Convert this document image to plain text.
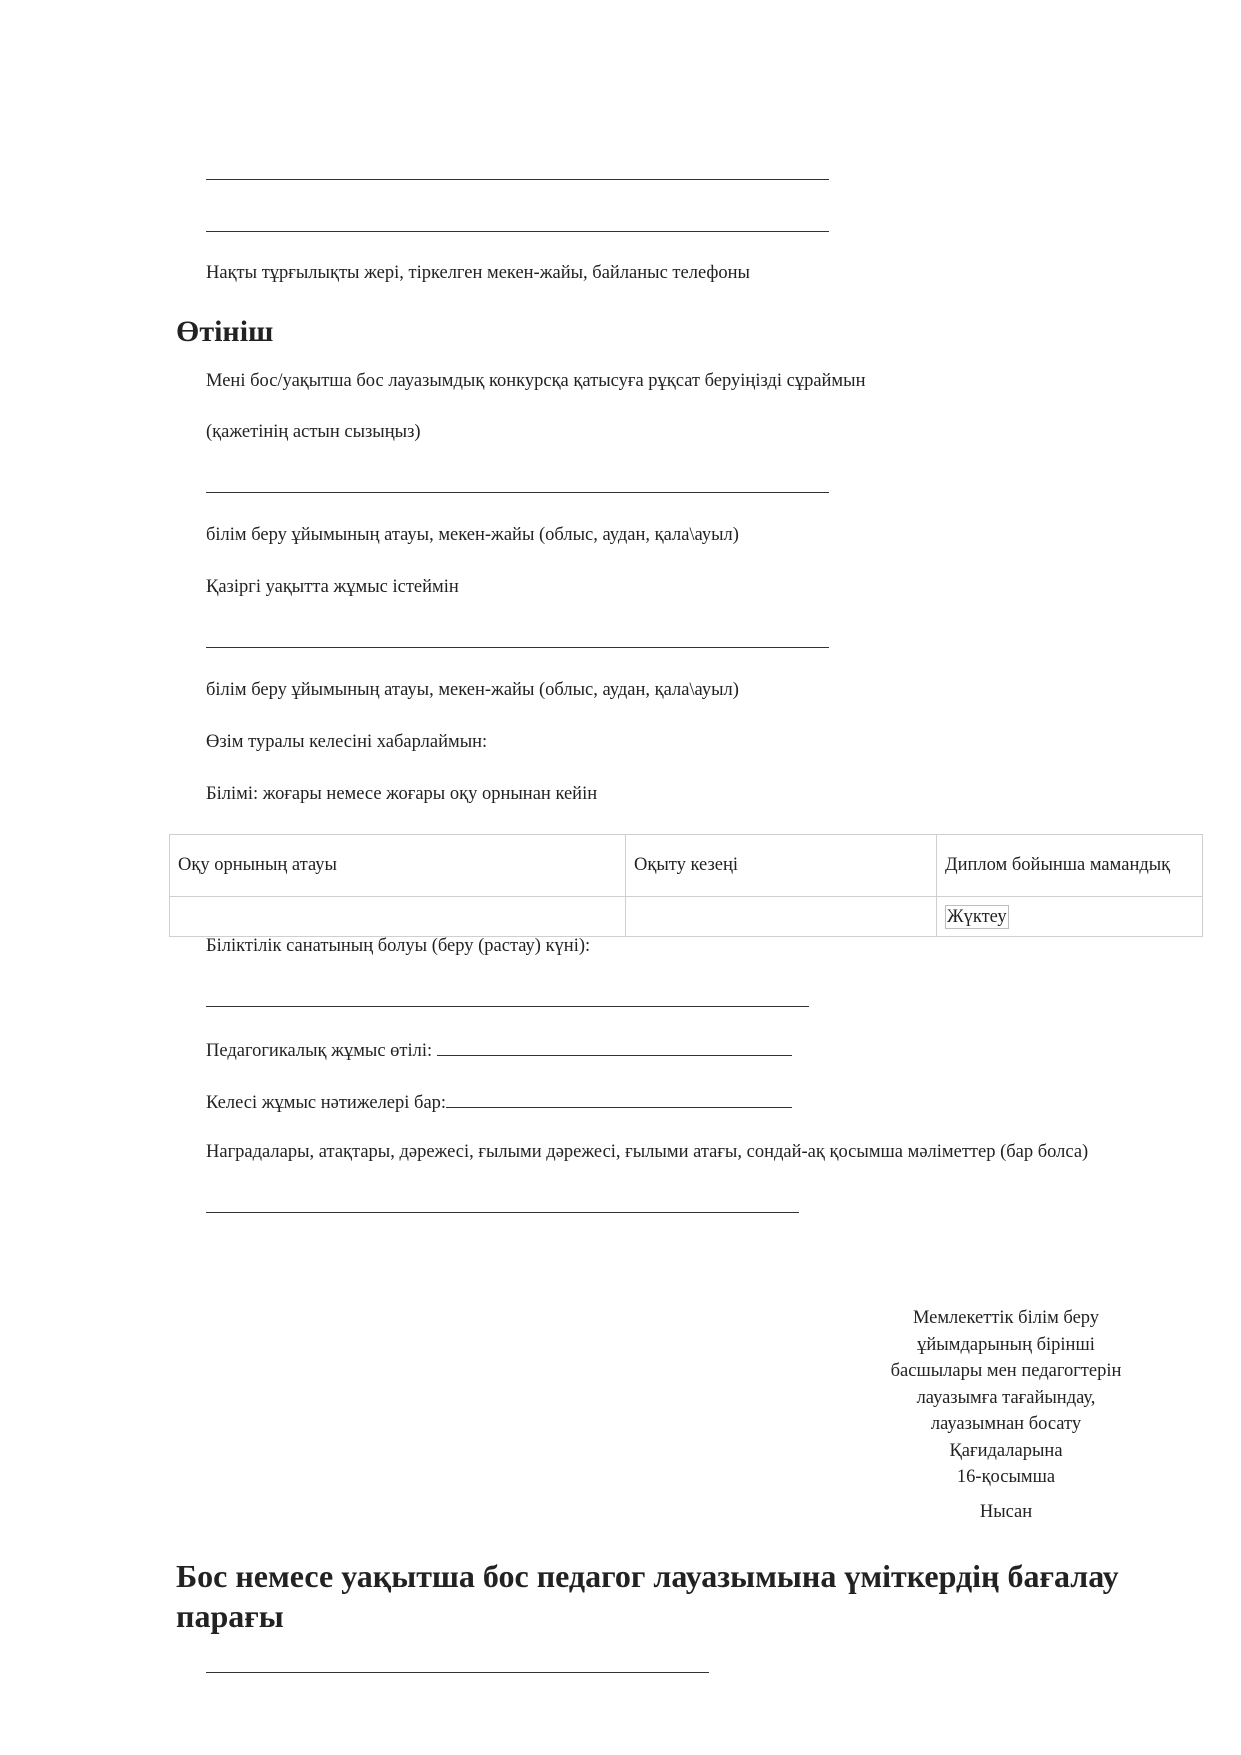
Нақты тұрғылықты жері, тіркелген мекен-жайы, байланыс телефоны
Өтініш
Мені бос/уақытша бос лауазымдық конкурсқа қатысуға рұқсат беруіңізді сұраймын
(қажетінің астын сызыңыз)
білім беру ұйымының атауы, мекен-жайы (облыс, аудан, қала\ауыл)
Қазіргі уақытта жұмыс істеймін
білім беру ұйымының атауы, мекен-жайы (облыс, аудан, қала\ауыл)
Өзім туралы келесіні хабарлаймын:
Білімі: жоғары немесе жоғары оқу орнынан кейін
Оқу орнының атауы	Оқыту кезеңі	Диплом бойынша мамандық
		Жүктеу
Біліктілік санатының болуы (беру (растау) күні):
Педагогикалық жұмыс өтілі:
Келесі жұмыс нәтижелері бар:
Наградалары, атақтары, дәрежесі, ғылыми дәрежесі, ғылыми атағы, сондай-ақ қосымша мәліметтер (бар болса)
Мемлекеттік білім беру
ұйымдарының бірінші
басшылары мен педагогтерін
лауазымға тағайындау,
лауазымнан босату
Қағидаларына
16-қосымша
Нысан
Бос немесе уақытша бос педагог лауазымына үміткердің бағалау парағы
